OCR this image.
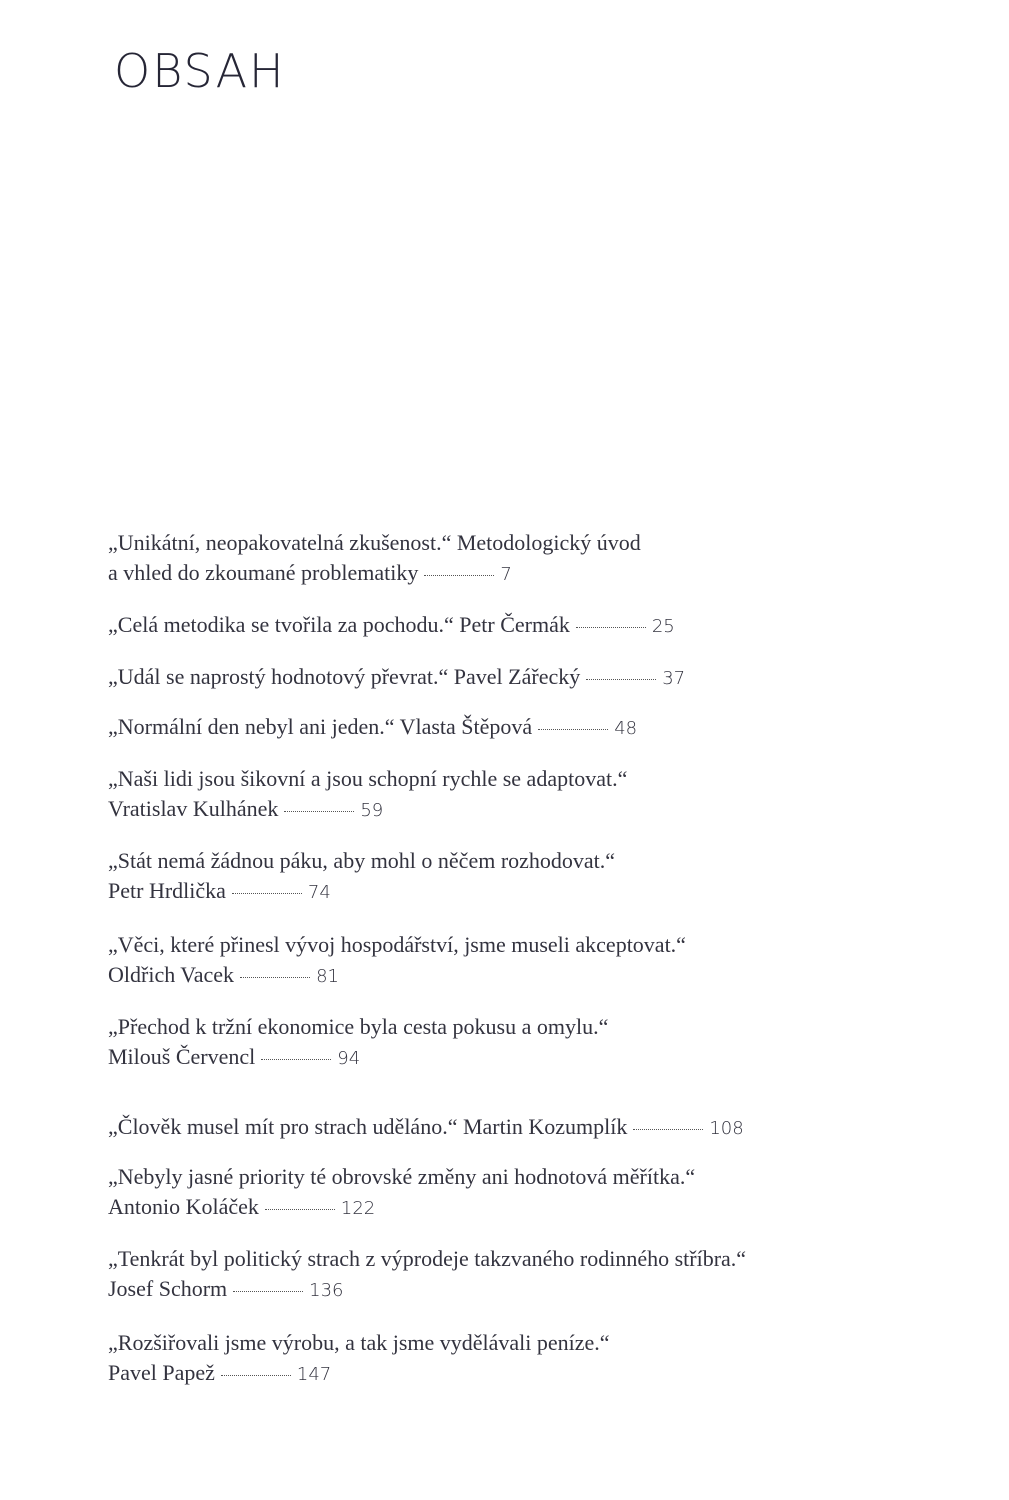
OBSAH
„Unikátní, neopakovatelná zkušenost.“ Metodologický úvod
a vhled do zkoumané problematiky	7
„Celá metodika se tvořila za pochodu.“ Petr Čermák	25
„Udál se naprostý hodnotový převrat.“ Pavel Zářecký	37
„Normální den nebyl ani jeden.“ Vlasta Štěpová	48
„Naši lidi jsou šikovní a jsou schopní rychle se adaptovat.“
Vratislav Kulhánek	59
„Stát nemá žádnou páku, aby mohl o něčem rozhodovat.“
Petr Hrdlička	74
„Věci, které přinesl vývoj hospodářství, jsme museli akceptovat.“
Oldřich Vacek	81
„Přechod k tržní ekonomice byla cesta pokusu a omylu.“
Milouš Červencl	94
„Člověk musel mít pro strach uděláno.“ Martin Kozumplík	108
„Nebyly jasné priority té obrovské změny ani hodnotová měřítka.“
Antonio Koláček	122
„Tenkrát byl politický strach z výprodeje takzvaného rodinného stříbra.“
Josef Schorm	136
„Rozšiřovali jsme výrobu, a tak jsme vydělávali peníze.“
Pavel Papež	147
